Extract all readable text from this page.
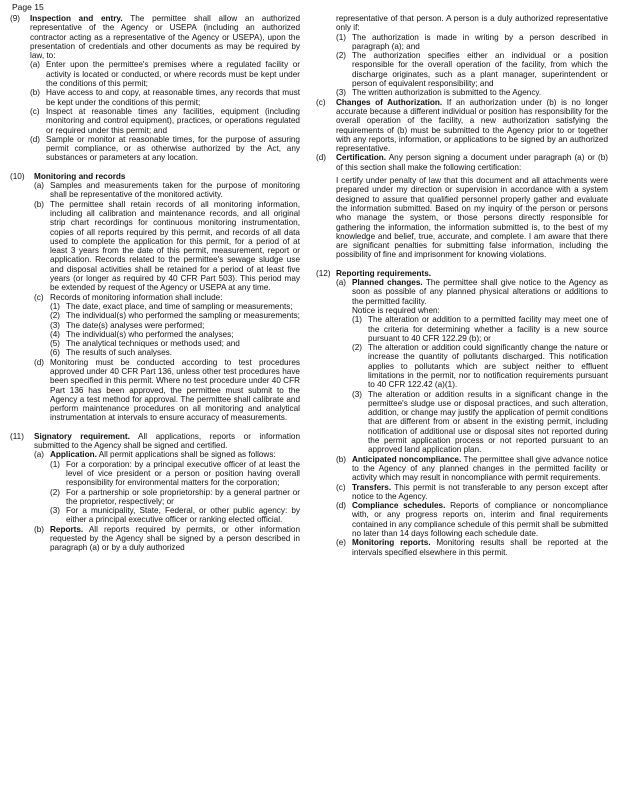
Page 15
(9)	Inspection and entry. The permittee shall allow an authorized representative of the Agency or USEPA (including an authorized contractor acting as a representative of the Agency or USEPA), upon the presentation of credentials and other documents as may be required by law, to:

(a) Enter upon the permittee's premises where a regulated facility or activity is located or conducted, or where records must be kept under the conditions of this permit;
(b) Have access to and copy, at reasonable times, any records that must be kept under the conditions of this permit;
(c) Inspect at reasonable times any facilities, equipment (including monitoring and control equipment), practices, or operations regulated or required under this permit; and
(d) Sample or monitor at reasonable times, for the purpose of assuring permit compliance, or as otherwise authorized by the Act, any substances or parameters at any location.
(10)	Monitoring and records

(a) Samples and measurements taken for the purpose of monitoring shall be representative of the monitored activity.
(b) The permittee shall retain records of all monitoring information, including all calibration and maintenance records, and all original strip chart recordings for continuous monitoring instrumentation, copies of all reports required by this permit, and records of all data used to complete the application for this permit, for a period of at least 3 years from the date of this permit, measurement, report or application. Records related to the permittee's sewage sludge use and disposal activities shall be retained for a period of at least five years (or longer as required by 40 CFR Part 503). This period may be extended by request of the Agency or USEPA at any time.
(c) Records of monitoring information shall include:

(1) The date, exact place, and time of sampling or measurements;
(2) The individual(s) who performed the sampling or measurements;
(3) The date(s) analyses were performed;
(4) The individual(s) who performed the analyses;
(5) The analytical techniques or methods used; and
(6) The results of such analyses.
(d) Monitoring must be conducted according to test procedures approved under 40 CFR Part 136, unless other test procedures have been specified in this permit. Where no test procedure under 40 CFR Part 136 has been approved, the permittee must submit to the Agency a test method for approval. The permittee shall calibrate and perform maintenance procedures on all monitoring and analytical instrumentation at intervals to ensure accuracy of measurements.
(11)	Signatory requirement. All applications, reports or information submitted to the Agency shall be signed and certified.

(a) Application. All permit applications shall be signed as follows:

(1) For a corporation: by a principal executive officer of at least the level of vice president or a person or position having overall responsibility for environmental matters for the corporation;
(2) For a partnership or sole proprietorship: by a general partner or the proprietor, respectively; or
(3) For a municipality, State, Federal, or other public agency: by either a principal executive officer or ranking elected official.
(b) Reports. All reports required by permits, or other information requested by the Agency shall be signed by a person described in paragraph (a) or by a duly authorized

representative of that person. A person is a duly authorized representative only if:

(1) The authorization is made in writing by a person described in paragraph (a); and
(2) The authorization specifies either an individual or a position responsible for the overall operation of the facility, from which the discharge originates, such as a plant manager, superintendent or person of equivalent responsibility; and
(3) The written authorization is submitted to the Agency.
(c)	Changes of Authorization. If an authorization under (b) is no longer accurate because a different individual or position has responsibility for the overall operation of the facility, a new authorization satisfying the requirements of (b) must be submitted to the Agency prior to or together with any reports, information, or applications to be signed by an authorized representative.

(d)	Certification. Any person signing a document under paragraph (a) or (b) of this section shall make the following certification:

I certify under penalty of law that this document and all attachments were prepared under my direction or supervision in accordance with a system designed to assure that qualified personnel properly gather and evaluate the information submitted. Based on my inquiry of the person or persons who manage the system, or those persons directly responsible for gathering the information, the information submitted is, to the best of my knowledge and belief, true, accurate, and complete. I am aware that there are significant penalties for submitting false information, including the possibility of fine and imprisonment for knowing violations.

(12) Reporting requirements.

(a) Planned changes. The permittee shall give notice to the Agency as soon as possible of any planned physical alterations or additions to the permitted facility.

Notice is required when:

(1) The alteration or addition to a permitted facility may meet one of the criteria for determining whether a facility is a new source pursuant to 40 CFR 122.29 (b); or
(2) The alteration or addition could significantly change the nature or increase the quantity of pollutants discharged. This notification applies to pollutants which are subject neither to effluent limitations in the permit, nor to notification requirements pursuant to 40 CFR 122.42 (a)(1).
(3) The alteration or addition results in a significant change in the permittee's sludge use or disposal practices, and such alteration, addition, or change may justify the application of permit conditions that are different from or absent in the existing permit, including notification of additional use or disposal sites not reported during the permit application process or not reported pursuant to an approved land application plan.
(b) Anticipated noncompliance. The permittee shall give advance notice to the Agency of any planned changes in the permitted facility or activity which may result in noncompliance with permit requirements.

(c) Transfers. This permit is not transferable to any person except after notice to the Agency.

(d) Compliance schedules. Reports of compliance or noncompliance with, or any progress reports on, interim and final requirements contained in any compliance schedule of this permit shall be submitted no later than 14 days following each schedule date.

(e) Monitoring reports. Monitoring results shall be reported at the intervals specified elsewhere in this permit.
